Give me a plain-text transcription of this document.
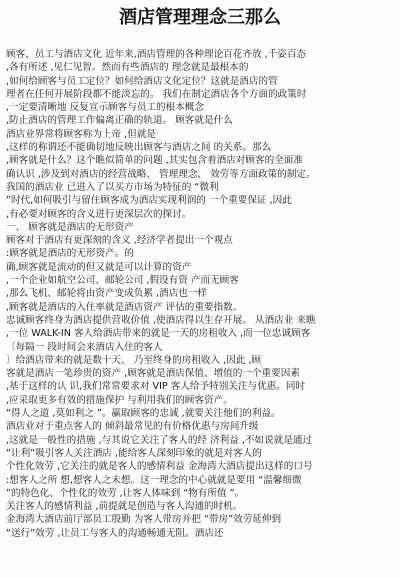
酒店管理理念三那么
顾客、员工与酒店文化 近年来,酒店管理的各种理论百花齐放 ,千姿百态
,各有所述 ,见仁见智。然而有些酒店的 理念就是最根本的
,如何给顾客与员工定位？如何给酒店文化定位？这就是酒店的管
理者在任何开展阶段都不能淡忘的。 我们在制定酒店各个方面的政策时
,一定要清晰地 反复宣示顾客与员工的根本概念
,防止酒店的管理工作偏离正确的轨道。 顾客就是什么
酒店业界常将顾客称为上帝 ,但就是
,这样的称谓还不能确切地反映出顾客与酒店之间 的关系。那么
,顾客就是什么？这个瞧似简单的问题 ,其实包含着酒店对顾客的全面准
确认识 ,涉及到对酒店的经营战略、 管理理念、 效劳等方面政策的制定。
我国的酒店业 已进入了以买方市场为特征的 “微利
”时代,如何吸引与留住顾客成为酒店实现利润的 一个重要保证 ,因此
,有必要对顾客的含义进行更深层次的探讨。
一、 顾客就是酒店的无形资产
顾客对于酒店有更深刻的含义 ,经济学者提出一个观点
:顾客就是酒店的无形资产。的
确,顾客就是流动的但又就是可以计算的资产
,一个企业如航空公司、邮轮公司 ,假设有资 产而无顾客
,那么飞机、邮轮将由资产变成负累 ,酒店也一样
,顾客就是酒店的入住率就是酒店资产 评估的重要指数。
忠诚顾客终身为酒店提供营收价值 ,使酒店得以生存开展。 从酒店业 来瞧
,一位 WALK-IN 客人给酒店带来的就是一天的房租收入 ,而一位忠诚顾客
〔每隔一 段时间会来酒店入住的客人
〕给酒店带来的就是数十天、 乃至终身的房租收入 ,因此 ,顾
客就是酒店一笔珍贵的资产 ,顾客就是酒店保值、增值的一个重要因素
,基于这样的认 识,我们常常要求对 VIP 客人给予特别关注与优惠。同时
,应采取更多有效的措施保护 与利用我们的顾客资产。
“得人之道 ,莫如利之 ”。赢取顾客的忠诚 ,就要关注他们的利益。
酒店业对于重点客人的 倾斜最常见的有价格优惠与房间升级
,这就是一般性的措施 ,与其说它关注了客人的经 济利益 ,不如说就是通过
“让利”吸引客人关注酒店 ,能给客人深刻印象的就是对客人的
个性化效劳 ,它关注的就是客人的感情利益 金海湾大酒店提出这样的口号
:想客人之所 想,想客人之未想。这一理念的中心就就是要用 “温馨细微
”的特色化、个性化的效劳 ,让客人体味到 “物有所值 ”。
关注客人的感情利益 ,前提就是创造与客人沟通的时机。
金海湾大酒店前厅部员工殷勤 为客人带房并把 “带房”效劳延伸到
“送行”效劳 ,让员工与客人的沟通畅通无阻。酒店还
